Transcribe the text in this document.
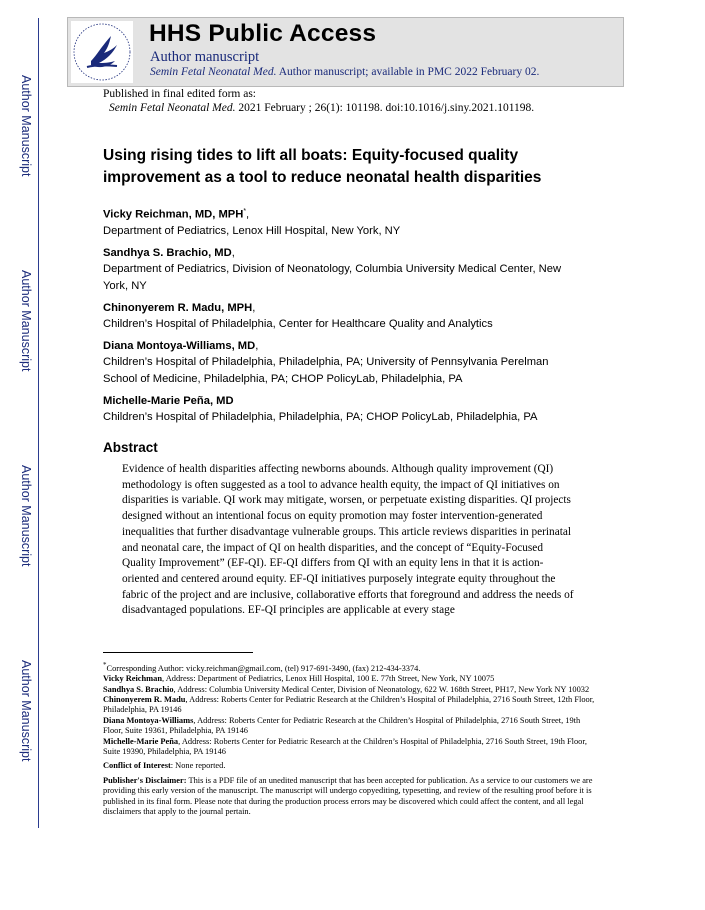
Author Manuscript
Author Manuscript
Author Manuscript
Author Manuscript
HHS Public Access
Author manuscript
Semin Fetal Neonatal Med. Author manuscript; available in PMC 2022 February 02.
Published in final edited form as:
Semin Fetal Neonatal Med. 2021 February ; 26(1): 101198. doi:10.1016/j.siny.2021.101198.
Using rising tides to lift all boats: Equity-focused quality improvement as a tool to reduce neonatal health disparities
Vicky Reichman, MD, MPH*,
Department of Pediatrics, Lenox Hill Hospital, New York, NY
Sandhya S. Brachio, MD,
Department of Pediatrics, Division of Neonatology, Columbia University Medical Center, New York, NY
Chinonyerem R. Madu, MPH,
Children’s Hospital of Philadelphia, Center for Healthcare Quality and Analytics
Diana Montoya-Williams, MD,
Children’s Hospital of Philadelphia, Philadelphia, PA; University of Pennsylvania Perelman School of Medicine, Philadelphia, PA; CHOP PolicyLab, Philadelphia, PA
Michelle-Marie Peña, MD
Children’s Hospital of Philadelphia, Philadelphia, PA; CHOP PolicyLab, Philadelphia, PA
Abstract
Evidence of health disparities affecting newborns abounds. Although quality improvement (QI) methodology is often suggested as a tool to advance health equity, the impact of QI initiatives on disparities is variable. QI work may mitigate, worsen, or perpetuate existing disparities. QI projects designed without an intentional focus on equity promotion may foster intervention-generated inequalities that further disadvantage vulnerable groups. This article reviews disparities in perinatal and neonatal care, the impact of QI on health disparities, and the concept of “Equity-Focused Quality Improvement” (EF-QI). EF-QI differs from QI with an equity lens in that it is action-oriented and centered around equity. EF-QI initiatives purposely integrate equity throughout the fabric of the project and are inclusive, collaborative efforts that foreground and address the needs of disadvantaged populations. EF-QI principles are applicable at every stage

*Corresponding Author: vicky.reichman@gmail.com, (tel) 917-691-3490, (fax) 212-434-3374.

Vicky Reichman, Address: Department of Pediatrics, Lenox Hill Hospital, 100 E. 77th Street, New York, NY 10075

Sandhya S. Brachio, Address: Columbia University Medical Center, Division of Neonatology, 622 W. 168th Street, PH17, New York NY 10032

Chinonyerem R. Madu, Address: Roberts Center for Pediatric Research at the Children’s Hospital of Philadelphia, 2716 South Street, 12th Floor, Philadelphia, PA 19146

Diana Montoya-Williams, Address: Roberts Center for Pediatric Research at the Children’s Hospital of Philadelphia, 2716 South Street, 19th Floor, Suite 19361, Philadelphia, PA 19146

Michelle-Marie Peña, Address: Roberts Center for Pediatric Research at the Children’s Hospital of Philadelphia, 2716 South Street, 19th Floor, Suite 19390, Philadelphia, PA 19146

Conflict of Interest: None reported.

Publisher's Disclaimer: This is a PDF file of an unedited manuscript that has been accepted for publication. As a service to our customers we are providing this early version of the manuscript. The manuscript will undergo copyediting, typesetting, and review of the resulting proof before it is published in its final form. Please note that during the production process errors may be discovered which could affect the content, and all legal disclaimers that apply to the journal pertain.
